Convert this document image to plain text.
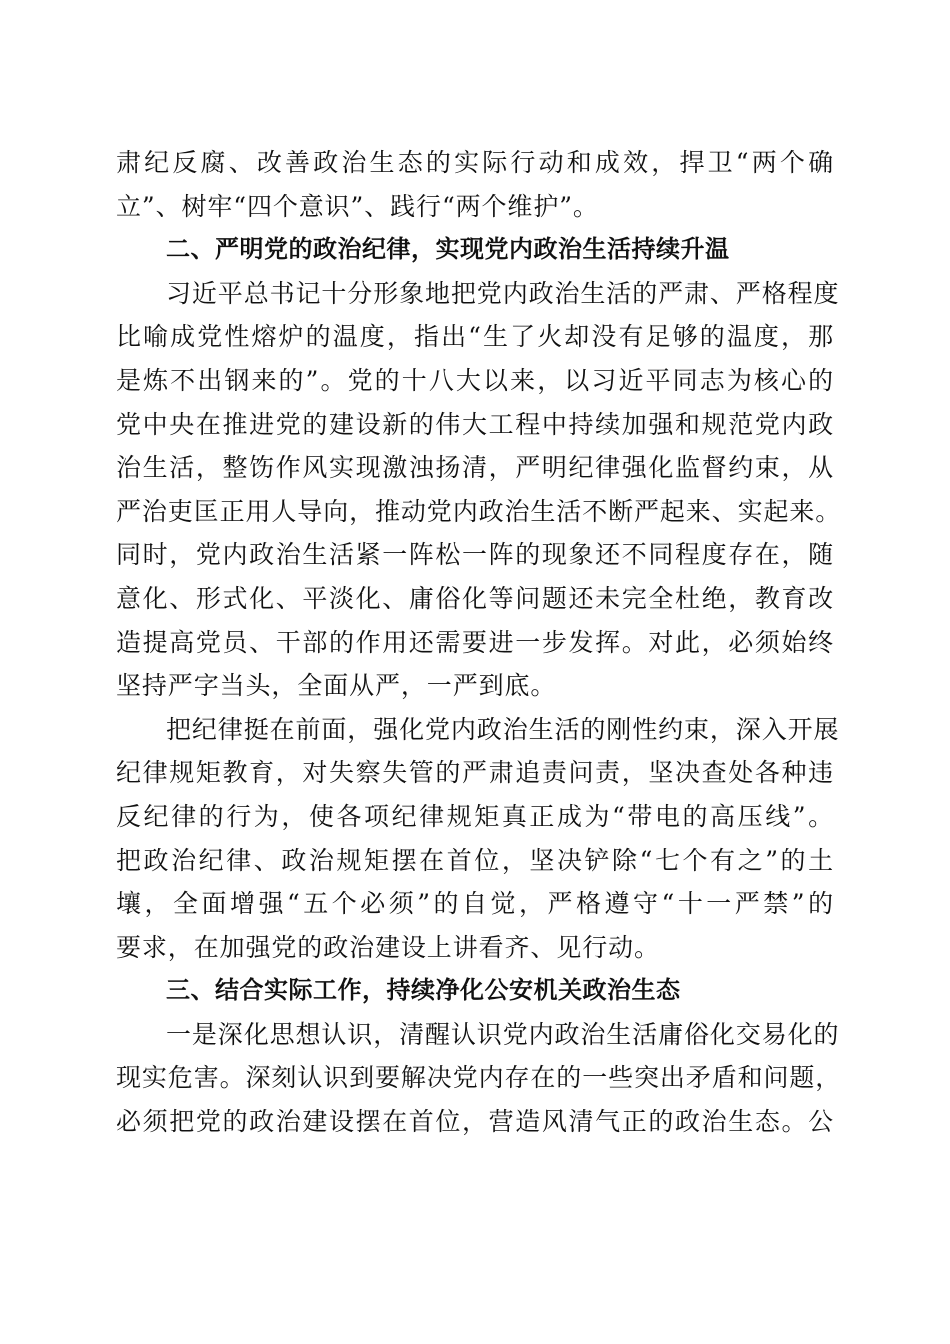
肃纪反腐、改善政治生态的实际行动和成效，捍卫“两个确
立”、树牢“四个意识”、践行“两个维护”。
二、严明党的政治纪律，实现党内政治生活持续升温
习近平总书记十分形象地把党内政治生活的严肃、严格程度
比喻成党性熔炉的温度，指出“生了火却没有足够的温度，那
是炼不出钢来的”。党的十八大以来，以习近平同志为核心的
党中央在推进党的建设新的伟大工程中持续加强和规范党内政
治生活，整饬作风实现激浊扬清，严明纪律强化监督约束，从
严治吏匡正用人导向，推动党内政治生活不断严起来、实起来。
同时，党内政治生活紧一阵松一阵的现象还不同程度存在，随
意化、形式化、平淡化、庸俗化等问题还未完全杜绝，教育改
造提高党员、干部的作用还需要进一步发挥。对此，必须始终
坚持严字当头，全面从严，一严到底。
把纪律挺在前面，强化党内政治生活的刚性约束，深入开展
纪律规矩教育，对失察失管的严肃追责问责，坚决查处各种违
反纪律的行为，使各项纪律规矩真正成为“带电的高压线”。
把政治纪律、政治规矩摆在首位，坚决铲除“七个有之”的土
壤，全面增强“五个必须”的自觉，严格遵守“十一严禁”的
要求，在加强党的政治建设上讲看齐、见行动。
三、结合实际工作，持续净化公安机关政治生态
一是深化思想认识，清醒认识党内政治生活庸俗化交易化的
现实危害。深刻认识到要解决党内存在的一些突出矛盾和问题，
必须把党的政治建设摆在首位，营造风清气正的政治生态。公
